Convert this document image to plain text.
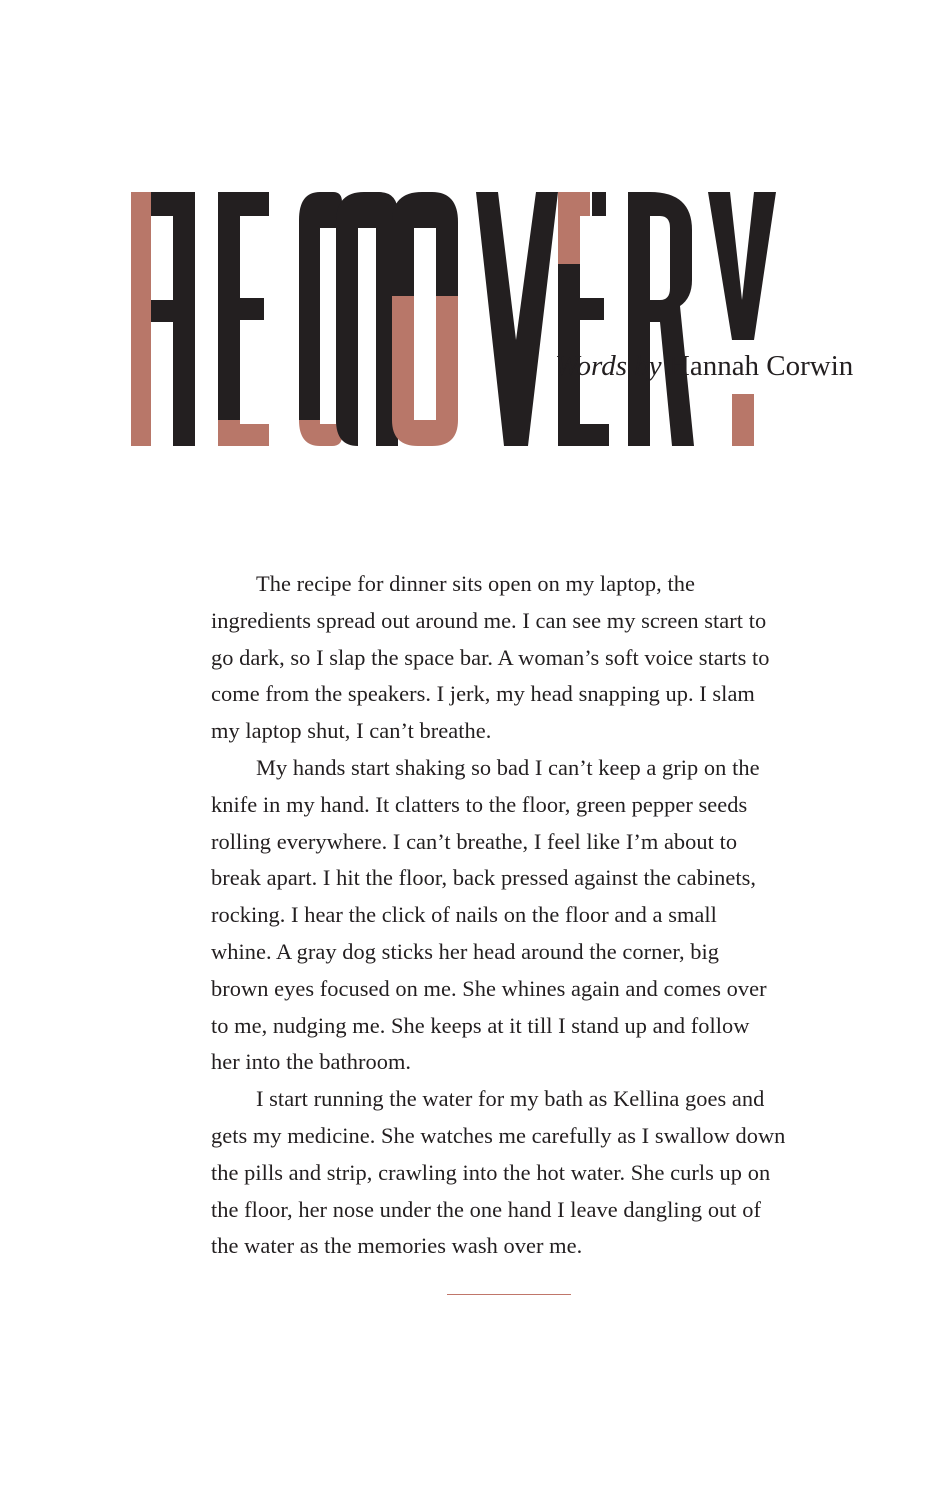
Words by Hannah Corwin

The recipe for dinner sits open on my laptop, the
ingredients spread out around me. I can see my screen start to
go dark, so I slap the space bar. A woman’s soft voice starts to
come from the speakers. I jerk, my head snapping up. I slam
my laptop shut, I can’t breathe.

My hands start shaking so bad I can’t keep a grip on the
knife in my hand. It clatters to the floor, green pepper seeds
rolling everywhere. I can’t breathe, I feel like I’m about to
break apart. I hit the floor, back pressed against the cabinets,
rocking. I hear the click of nails on the floor and a small
whine. A gray dog sticks her head around the corner, big
brown eyes focused on me. She whines again and comes over
to me, nudging me. She keeps at it till I stand up and follow
her into the bathroom.

I start running the water for my bath as Kellina goes and
gets my medicine. She watches me carefully as I swallow down
the pills and strip, crawling into the hot water. She curls up on
the floor, her nose under the one hand I leave dangling out of
the water as the memories wash over me.
